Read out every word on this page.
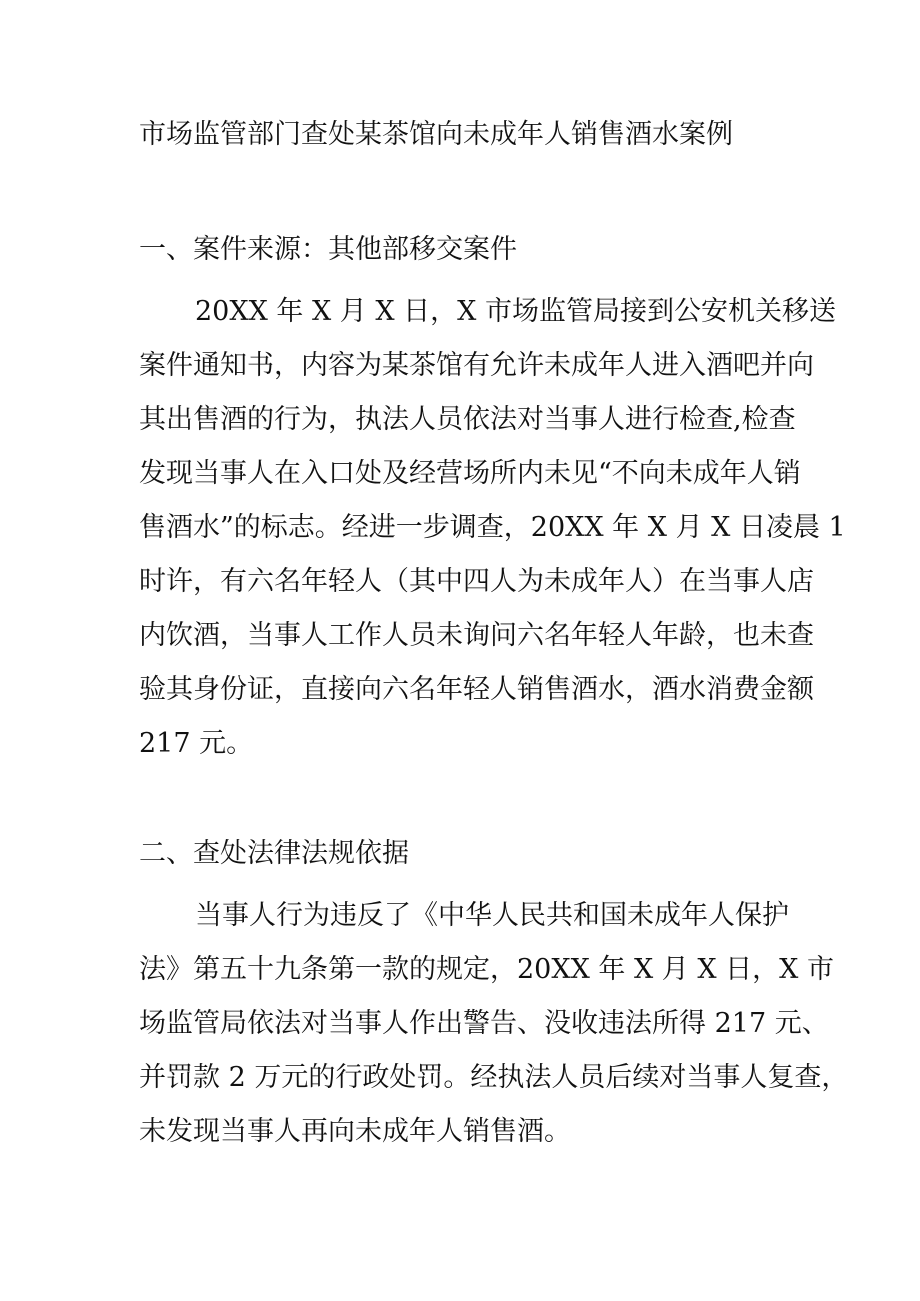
市场监管部门查处某茶馆向未成年人销售酒水案例
一、案件来源：其他部移交案件
20XX 年 X 月 X 日，X 市场监管局接到公安机关移送
案件通知书，内容为某茶馆有允许未成年人进入酒吧并向
其出售酒的行为，执法人员依法对当事人进行检查,检查
发现当事人在入口处及经营场所内未见“不向未成年人销
售酒水”的标志。经进一步调查，20XX 年 X 月 X 日凌晨 1
时许，有六名年轻人（其中四人为未成年人）在当事人店
内饮酒，当事人工作人员未询问六名年轻人年龄，也未查
验其身份证，直接向六名年轻人销售酒水，酒水消费金额
217 元。
二、查处法律法规依据
当事人行为违反了《中华人民共和国未成年人保护
法》第五十九条第一款的规定，20XX 年 X 月 X 日，X 市
场监管局依法对当事人作出警告、没收违法所得 217 元、
并罚款 2 万元的行政处罚。经执法人员后续对当事人复查，
未发现当事人再向未成年人销售酒。
